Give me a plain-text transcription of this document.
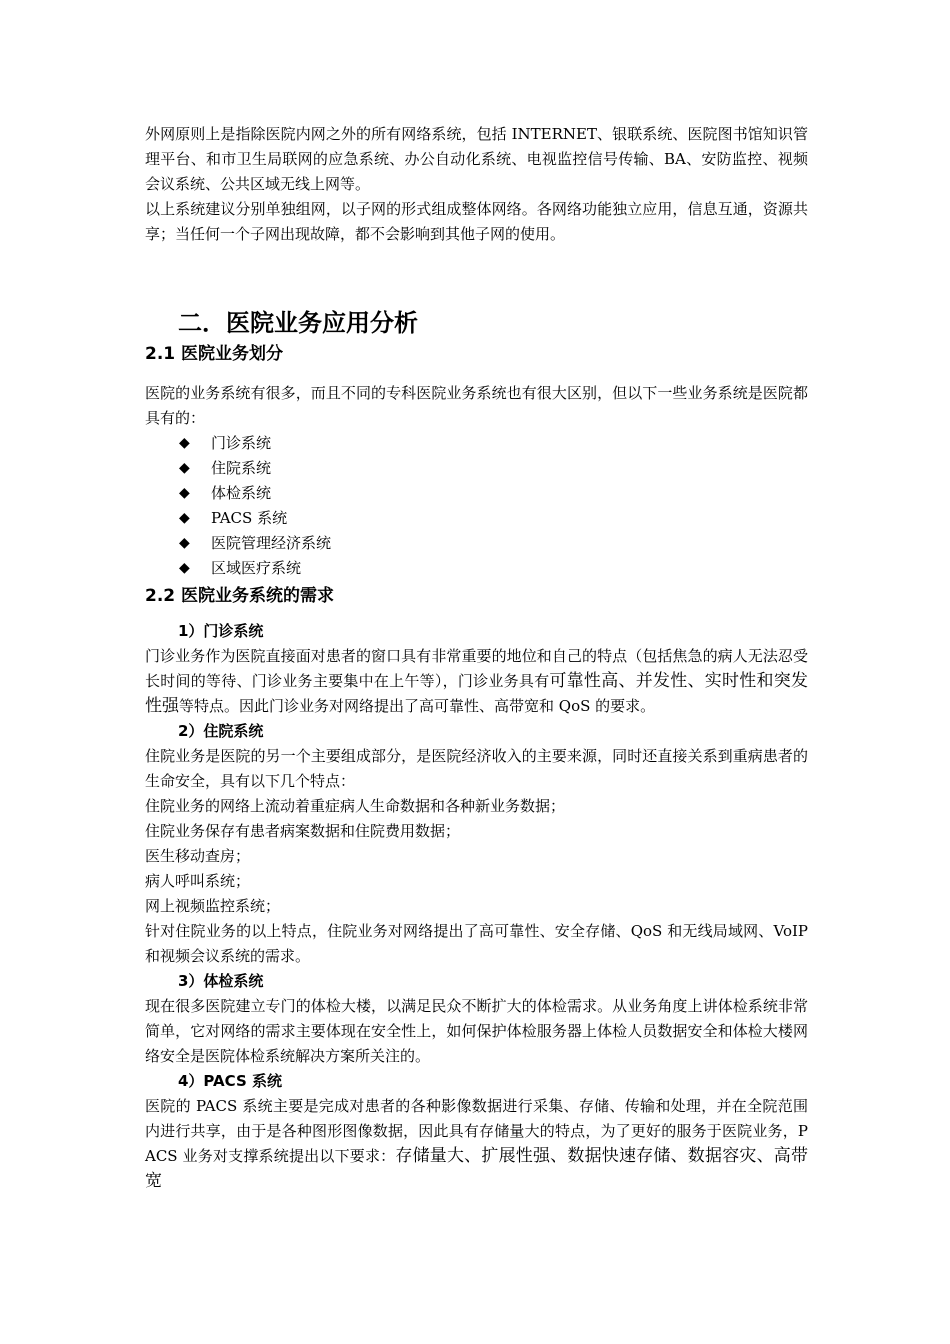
外网原则上是指除医院内网之外的所有网络系统，包括 INTERNET、银联系统、医院图书馆知识管理平台、和市卫生局联网的应急系统、办公自动化系统、电视监控信号传输、BA、安防监控、视频会议系统、公共区域无线上网等。

以上系统建议分别单独组网，以子网的形式组成整体网络。各网络功能独立应用，信息互通，资源共享；当任何一个子网出现故障，都不会影响到其他子网的使用。

二．医院业务应用分析
2.1 医院业务划分

医院的业务系统有很多，而且不同的专科医院业务系统也有很大区别，但以下一些业务系统是医院都具有的：

◆ 门诊系统
◆ 住院系统
◆ 体检系统
◆ PACS 系统
◆ 医院管理经济系统
◆ 区域医疗系统
2.2 医院业务系统的需求
1）门诊系统

门诊业务作为医院直接面对患者的窗口具有非常重要的地位和自己的特点（包括焦急的病人无法忍受长时间的等待、门诊业务主要集中在上午等），门诊业务具有可靠性高、并发性、实时性和突发性强等特点。因此门诊业务对网络提出了高可靠性、高带宽和 QoS 的要求。

2）住院系统

住院业务是医院的另一个主要组成部分，是医院经济收入的主要来源，同时还直接关系到重病患者的生命安全，具有以下几个特点：

住院业务的网络上流动着重症病人生命数据和各种新业务数据；

住院业务保存有患者病案数据和住院费用数据；

医生移动查房；

病人呼叫系统；

网上视频监控系统；

针对住院业务的以上特点，住院业务对网络提出了高可靠性、安全存储、QoS 和无线局域网、VoIP 和视频会议系统的需求。

3）体检系统

现在很多医院建立专门的体检大楼，以满足民众不断扩大的体检需求。从业务角度上讲体检系统非常简单，它对网络的需求主要体现在安全性上，如何保护体检服务器上体检人员数据安全和体检大楼网络安全是医院体检系统解决方案所关注的。

4）PACS 系统

医院的 PACS 系统主要是完成对患者的各种影像数据进行采集、存储、传输和处理，并在全院范围内进行共享，由于是各种图形图像数据，因此具有存储量大的特点，为了更好的服务于医院业务，PACS 业务对支撑系统提出以下要求：存储量大、扩展性强、数据快速存储、数据容灾、高带宽
